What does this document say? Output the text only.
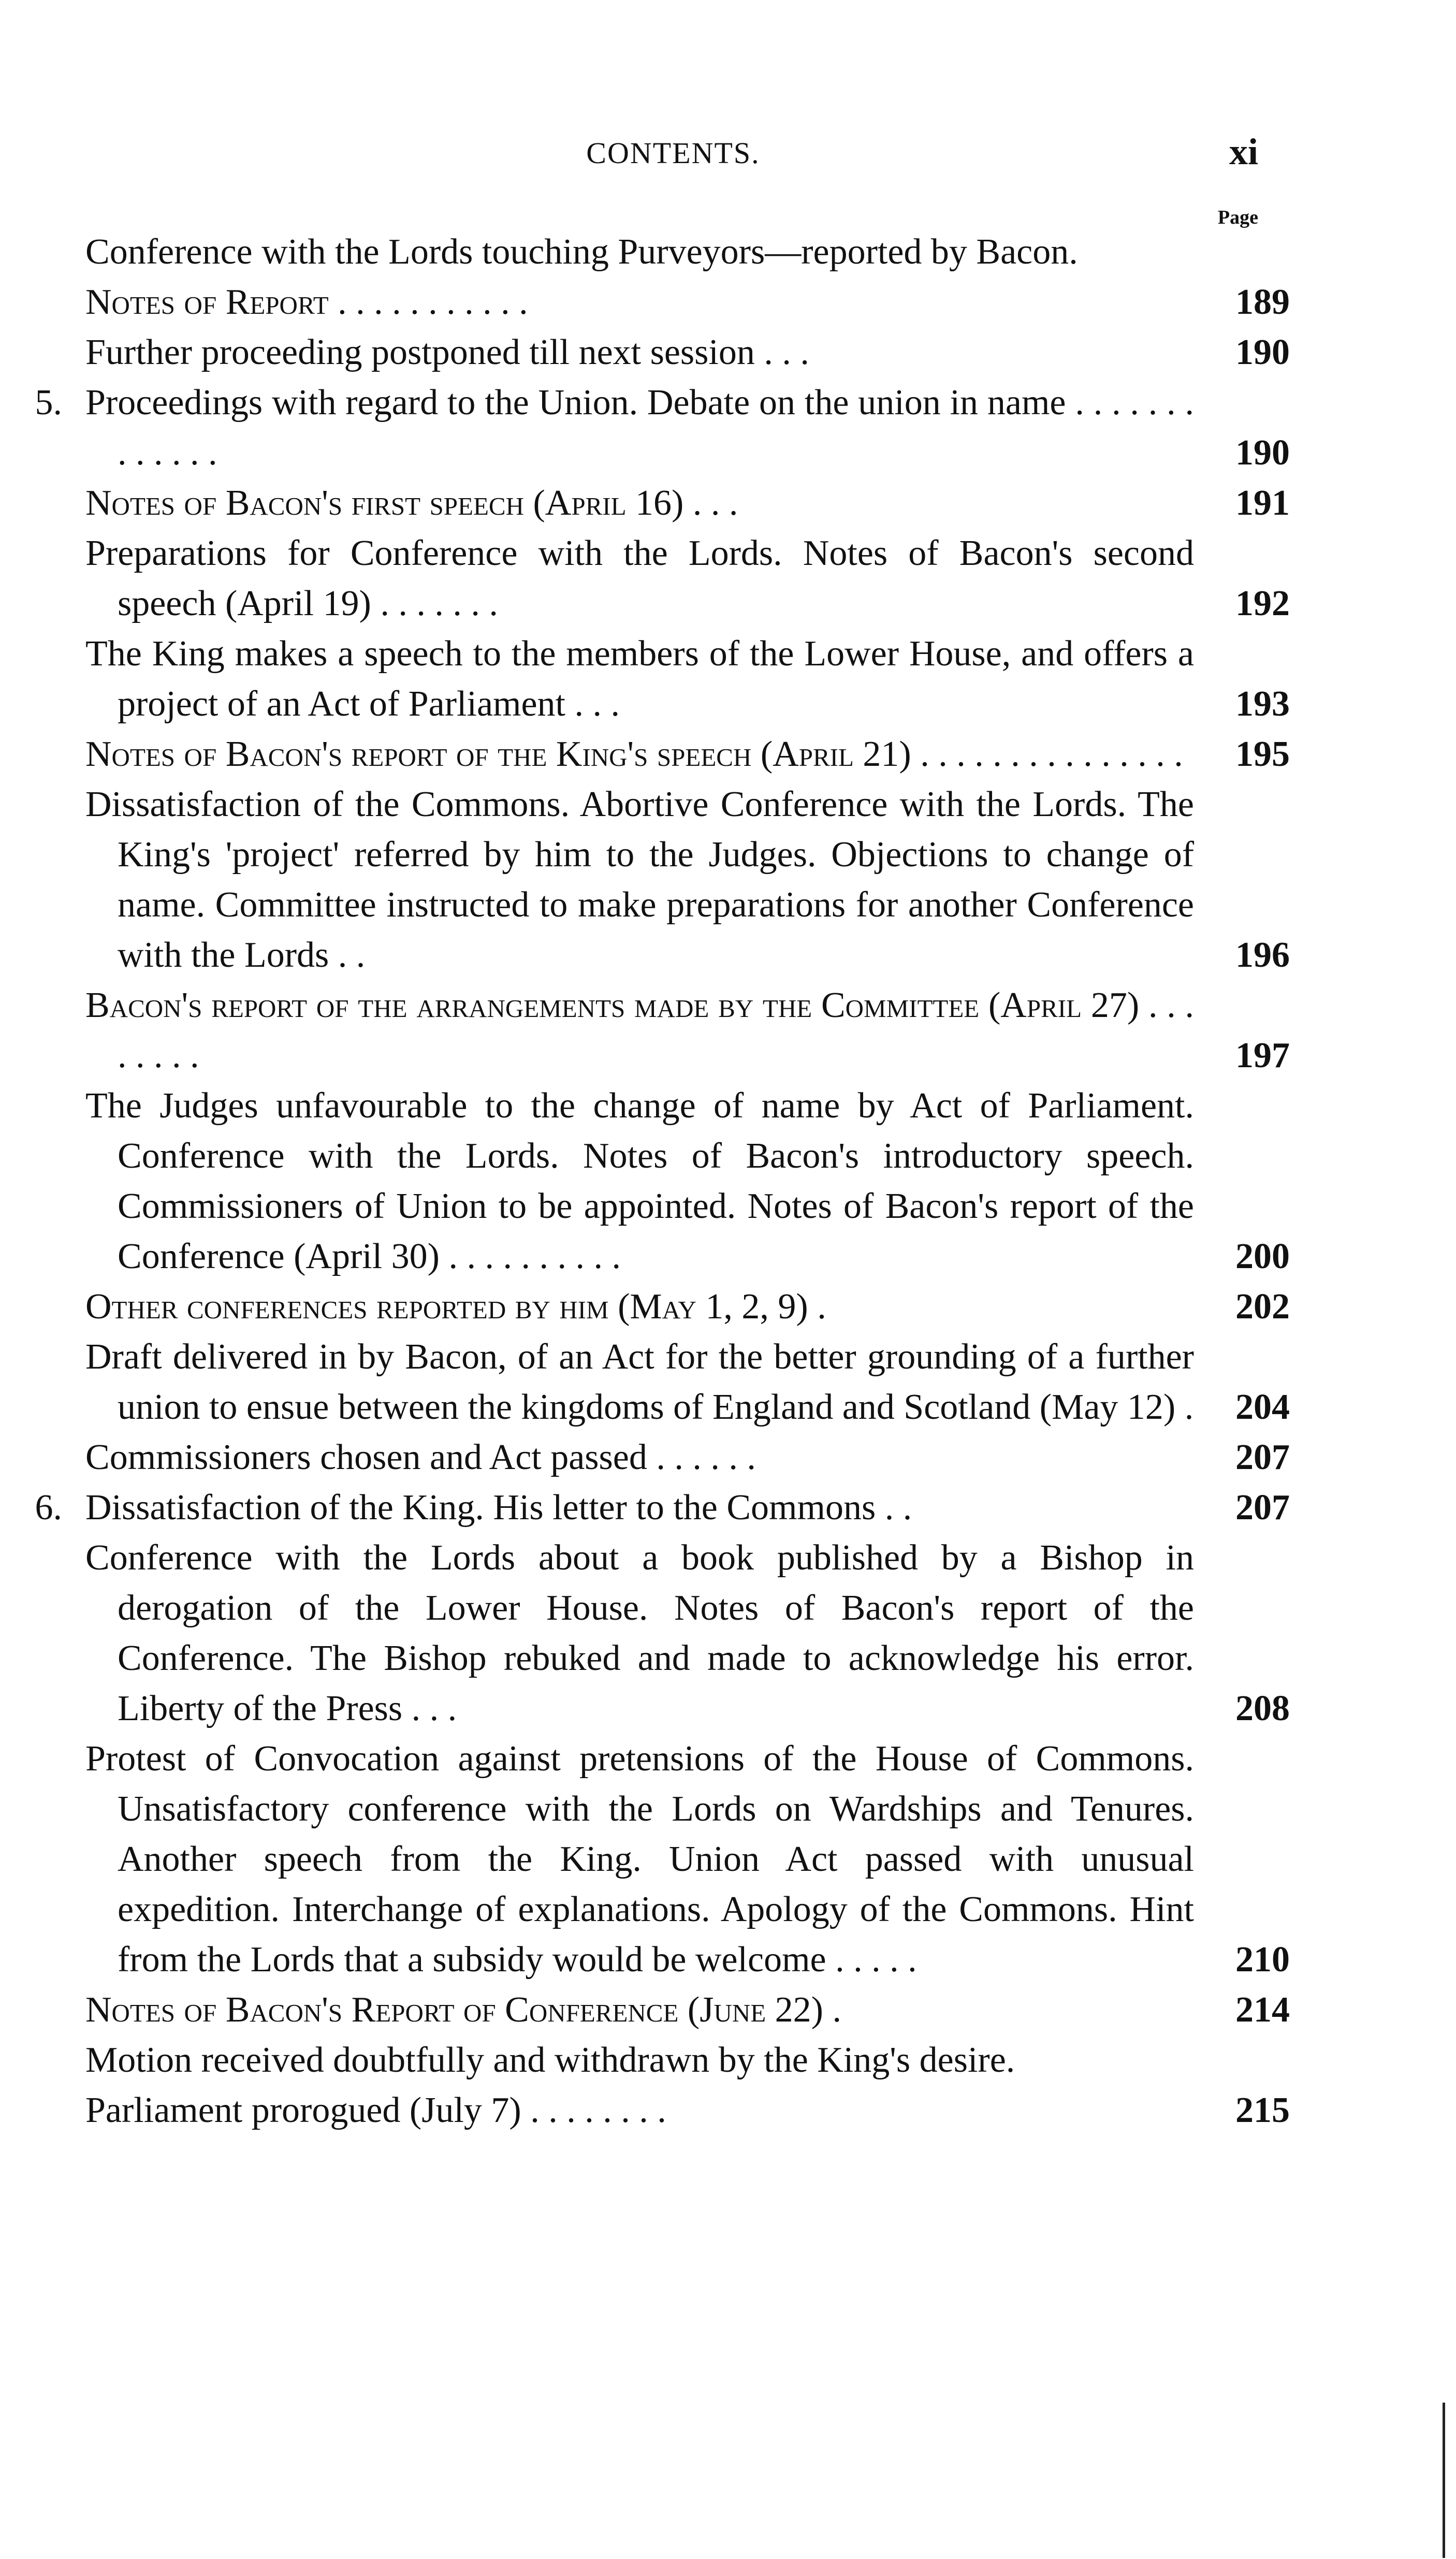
CONTENTS.	xi
Page
Conference with the Lords touching Purveyors—reported by Bacon.
Notes of Report . . . . . . . . . . .	189
Further proceeding postponed till next session . . .	190
5. Proceedings with regard to the Union. Debate on the union in name . . . . . . . . . . . . .	190
Notes of Bacon's first speech (April 16) . . .	191
Preparations for Conference with the Lords. Notes of Bacon's second speech (April 19) . . . . . . .	192
The King makes a speech to the members of the Lower House, and offers a project of an Act of Parliament . . .	193
Notes of Bacon's report of the King's speech (April 21) . . . . . . . . . . . . . . .	195
Dissatisfaction of the Commons. Abortive Conference with the Lords. The King's 'project' referred by him to the Judges. Objections to change of name. Committee instructed to make preparations for another Conference with the Lords . .	196
Bacon's report of the arrangements made by the Committee (April 27) . . . . . . . .	197
The Judges unfavourable to the change of name by Act of Parliament. Conference with the Lords. Notes of Bacon's introductory speech. Commissioners of Union to be appointed. Notes of Bacon's report of the Conference (April 30) . . . . . . . . . .	200
Other conferences reported by him (May 1, 2, 9) .	202
Draft delivered in by Bacon, of an Act for the better grounding of a further union to ensue between the kingdoms of England and Scotland (May 12) .	204
Commissioners chosen and Act passed . . . . . .	207
6. Dissatisfaction of the King. His letter to the Commons . .	207
Conference with the Lords about a book published by a Bishop in derogation of the Lower House. Notes of Bacon's report of the Conference. The Bishop rebuked and made to acknowledge his error. Liberty of the Press . . .	208
Protest of Convocation against pretensions of the House of Commons. Unsatisfactory conference with the Lords on Wardships and Tenures. Another speech from the King. Union Act passed with unusual expedition. Interchange of explanations. Apology of the Commons. Hint from the Lords that a subsidy would be welcome . . . . .	210
Notes of Bacon's Report of Conference (June 22) .	214
Motion received doubtfully and withdrawn by the King's desire.
Parliament prorogued (July 7) . . . . . . . .	215
